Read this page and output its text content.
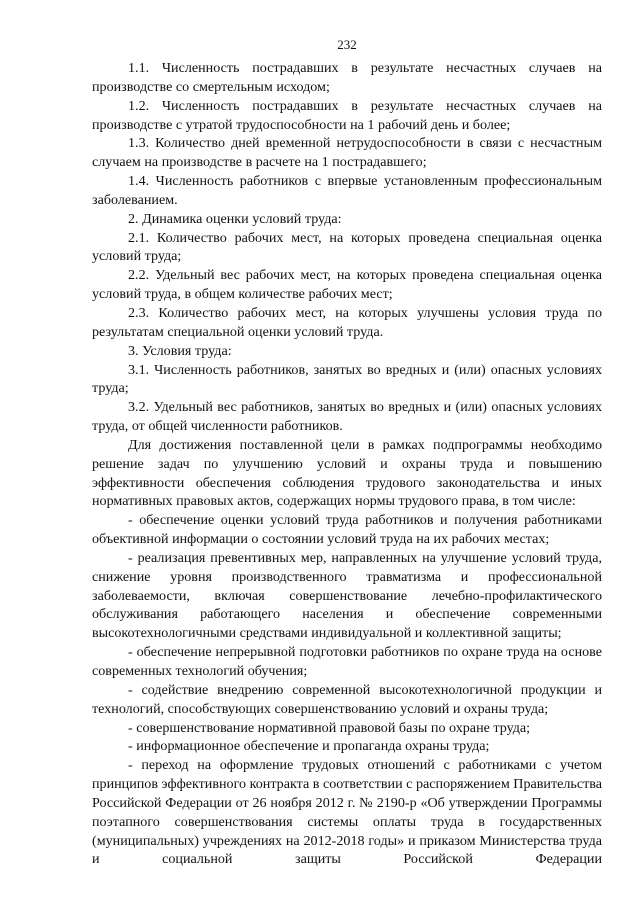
232

1.1. Численность пострадавших в результате несчастных случаев на производстве со смертельным исходом;

1.2. Численность пострадавших в результате несчастных случаев на производстве с утратой трудоспособности на 1 рабочий день и более;

1.3. Количество дней временной нетрудоспособности в связи с несчастным случаем на производстве в расчете на 1 пострадавшего;

1.4. Численность работников с впервые установленным профессиональным заболеванием.

2. Динамика оценки условий труда:

2.1. Количество рабочих мест, на которых проведена специальная оценка условий труда;

2.2. Удельный вес рабочих мест, на которых проведена специальная оценка условий труда, в общем количестве рабочих мест;

2.3. Количество рабочих мест, на которых улучшены условия труда по результатам специальной оценки условий труда.

3. Условия труда:

3.1. Численность работников, занятых во вредных и (или) опасных условиях труда;

3.2. Удельный вес работников, занятых во вредных и (или) опасных условиях труда, от общей численности работников.

Для достижения поставленной цели в рамках подпрограммы необходимо решение задач по улучшению условий и охраны труда и повышению эффективности обеспечения соблюдения трудового законодательства и иных нормативных правовых актов, содержащих нормы трудового права, в том числе:

- обеспечение оценки условий труда работников и получения работниками объективной информации о состоянии условий труда на их рабочих местах;

- реализация превентивных мер, направленных на улучшение условий труда, снижение уровня производственного травматизма и профессиональной заболеваемости, включая совершенствование лечебно-профилактического обслуживания работающего населения и обеспечение современными высокотехнологичными средствами индивидуальной и коллективной защиты;

- обеспечение непрерывной подготовки работников по охране труда на основе современных технологий обучения;

- содействие внедрению современной высокотехнологичной продукции и технологий, способствующих совершенствованию условий и охраны труда;

- совершенствование нормативной правовой базы по охране труда;

- информационное обеспечение и пропаганда охраны труда;

- переход на оформление трудовых отношений с работниками с учетом принципов эффективного контракта в соответствии с распоряжением Правительства Российской Федерации от 26 ноября 2012 г. № 2190-р «Об утверждении Программы поэтапного совершенствования системы оплаты труда в государственных (муниципальных) учреждениях на 2012-2018 годы» и приказом Министерства труда и социальной защиты Российской Федерации
